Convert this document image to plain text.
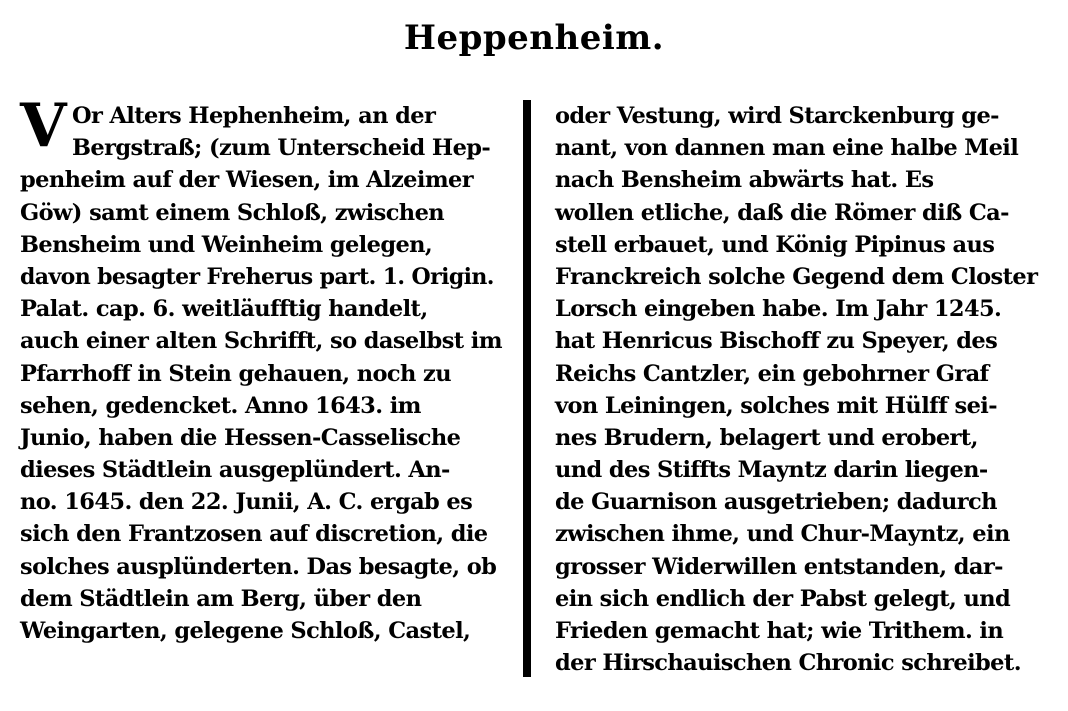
Heppenheim.
V Or Alters Hephenheim, an der
Bergstraß; (zum Unterscheid Hep-
penheim auf der Wiesen, im Alzeimer
Göw) samt einem Schloß, zwischen
Bensheim und Weinheim gelegen,
davon besagter Freherus part. 1. Origin.
Palat. cap. 6. weitläufftig handelt,
auch einer alten Schrifft, so daselbst im
Pfarrhoff in Stein gehauen, noch zu
sehen, gedencket. Anno 1643. im
Junio, haben die Hessen-Casselische
dieses Städtlein ausgeplündert. An-
no. 1645. den 22. Junii, A. C. ergab es
sich den Frantzosen auf discretion, die
solches ausplünderten. Das besagte, ob
dem Städtlein am Berg, über den
Weingarten, gelegene Schloß, Castel,
oder Vestung, wird Starckenburg ge-
nant, von dannen man eine halbe Meil
nach Bensheim abwärts hat. Es
wollen etliche, daß die Römer diß Ca-
stell erbauet, und König Pipinus aus
Franckreich solche Gegend dem Closter
Lorsch eingeben habe. Im Jahr 1245.
hat Henricus Bischoff zu Speyer, des
Reichs Cantzler, ein gebohrner Graf
von Leiningen, solches mit Hülff sei-
nes Brudern, belagert und erobert,
und des Stiffts Mayntz darin liegen-
de Guarnison ausgetrieben; dadurch
zwischen ihme, und Chur-Mayntz, ein
grosser Widerwillen entstanden, dar-
ein sich endlich der Pabst gelegt, und
Frieden gemacht hat; wie Trithem. in
der Hirschauischen Chronic schreibet.
